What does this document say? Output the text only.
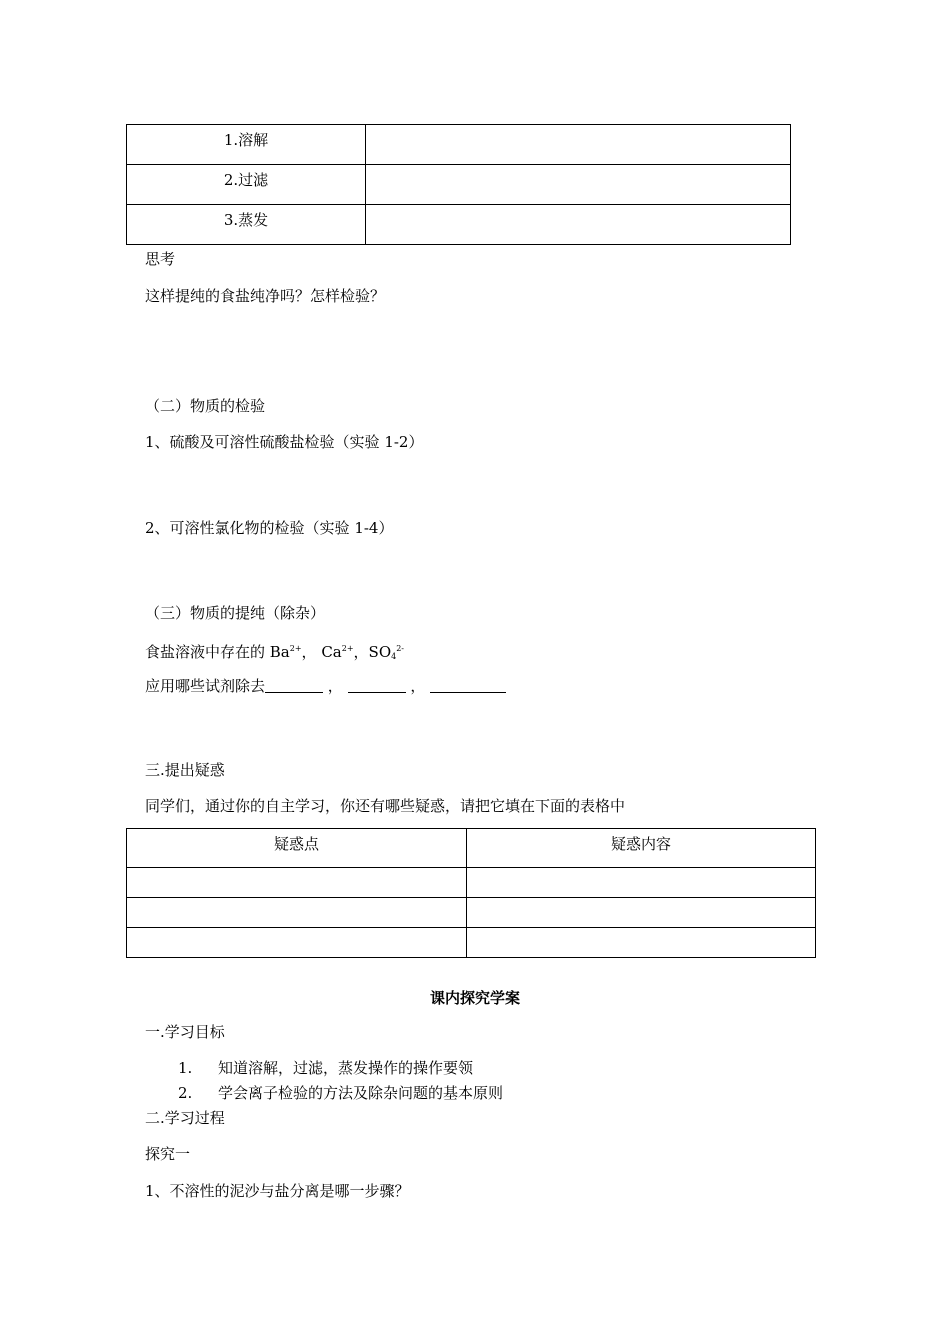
1.溶解	
2.过滤	
3.蒸发	
思考
这样提纯的食盐纯净吗？怎样检验？
（二）物质的检验
1、硫酸及可溶性硫酸盐检验（实验 1-2）
2、可溶性氯化物的检验（实验 1-4）
（三）物质的提纯（除杂）
食盐溶液中存在的 $Ba^{2+}$， $Ca^{2+}$，$SO_4^{2-}$
应用哪些试剂除去	，	，
三.提出疑惑
同学们，通过你的自主学习，你还有哪些疑惑，请把它填在下面的表格中
疑惑点	疑惑内容

课内探究学案
一.学习目标
1. 知道溶解，过滤，蒸发操作的操作要领
2. 学会离子检验的方法及除杂问题的基本原则
二.学习过程
探究一
1、不溶性的泥沙与盐分离是哪一步骤？
